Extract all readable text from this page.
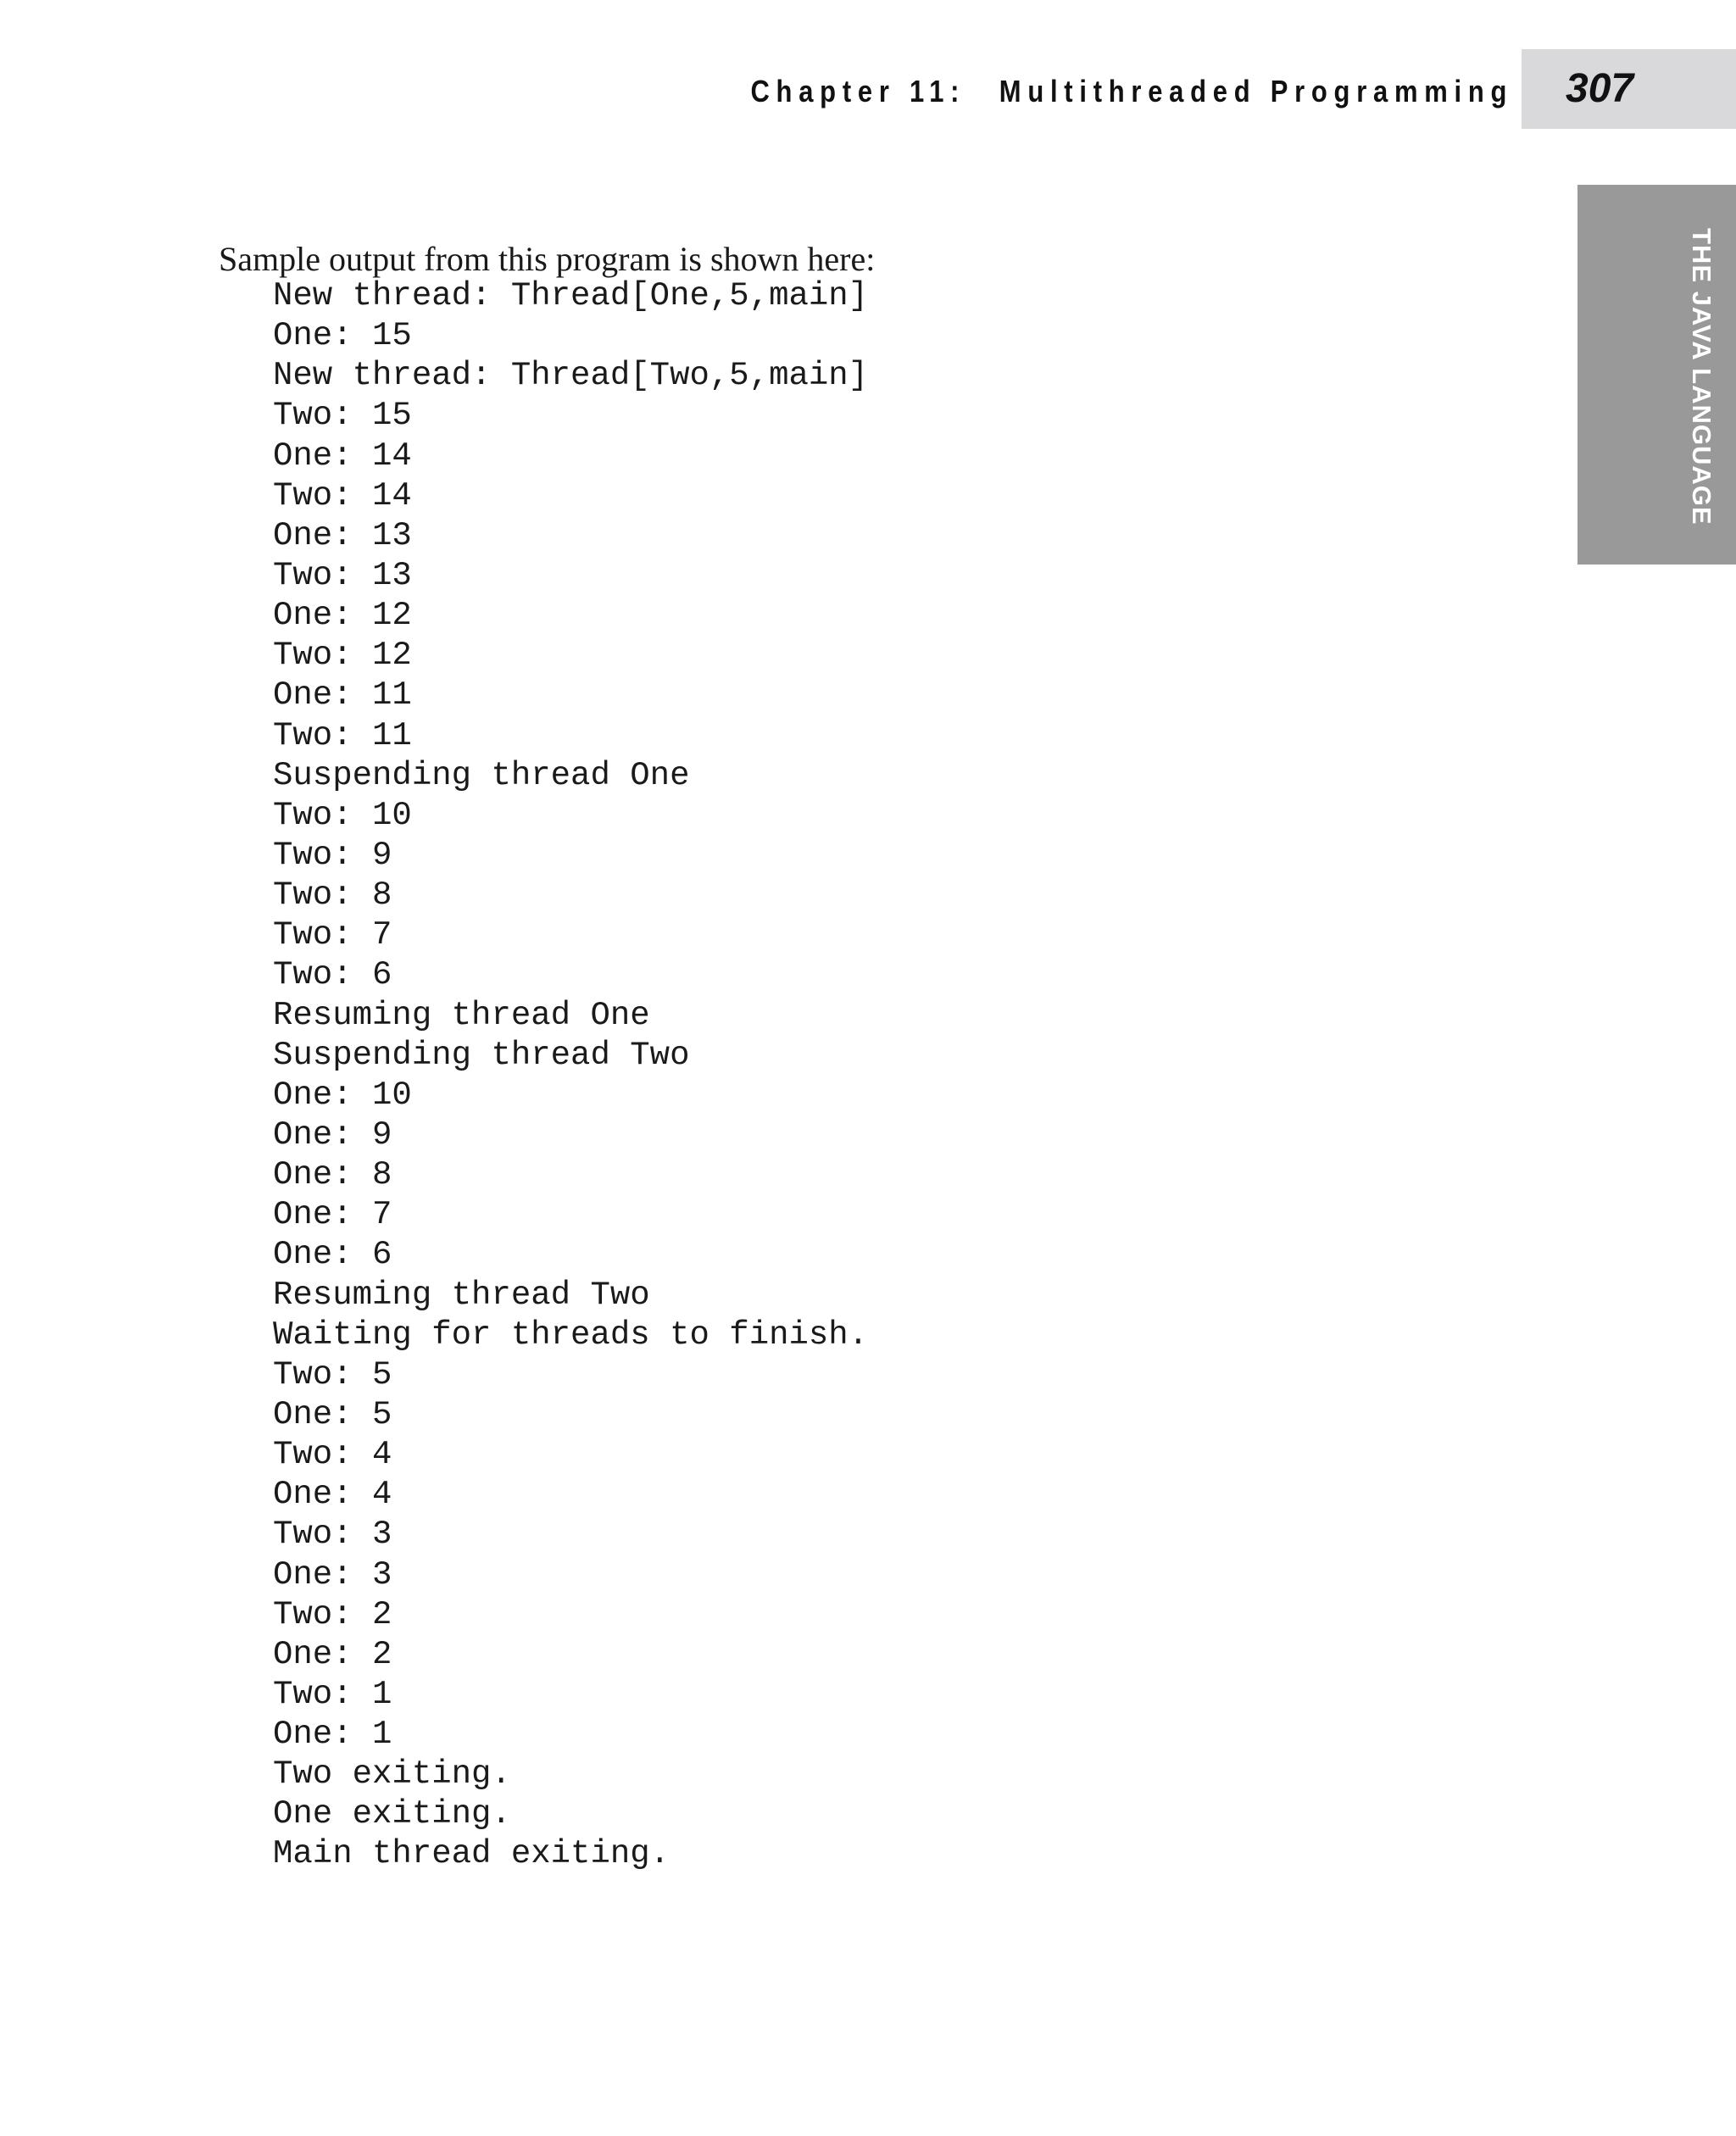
Chapter 11: Multithreaded Programming 307
THE JAVA LANGUAGE

Sample output from this program is shown here:

New thread: Thread[One,5,main]
One: 15
New thread: Thread[Two,5,main]
Two: 15
One: 14
Two: 14
One: 13
Two: 13
One: 12
Two: 12
One: 11
Two: 11
Suspending thread One
Two: 10
Two: 9
Two: 8
Two: 7
Two: 6
Resuming thread One
Suspending thread Two
One: 10
One: 9
One: 8
One: 7
One: 6
Resuming thread Two
Waiting for threads to finish.
Two: 5
One: 5
Two: 4
One: 4
Two: 3
One: 3
Two: 2
One: 2
Two: 1
One: 1
Two exiting.
One exiting.
Main thread exiting.
